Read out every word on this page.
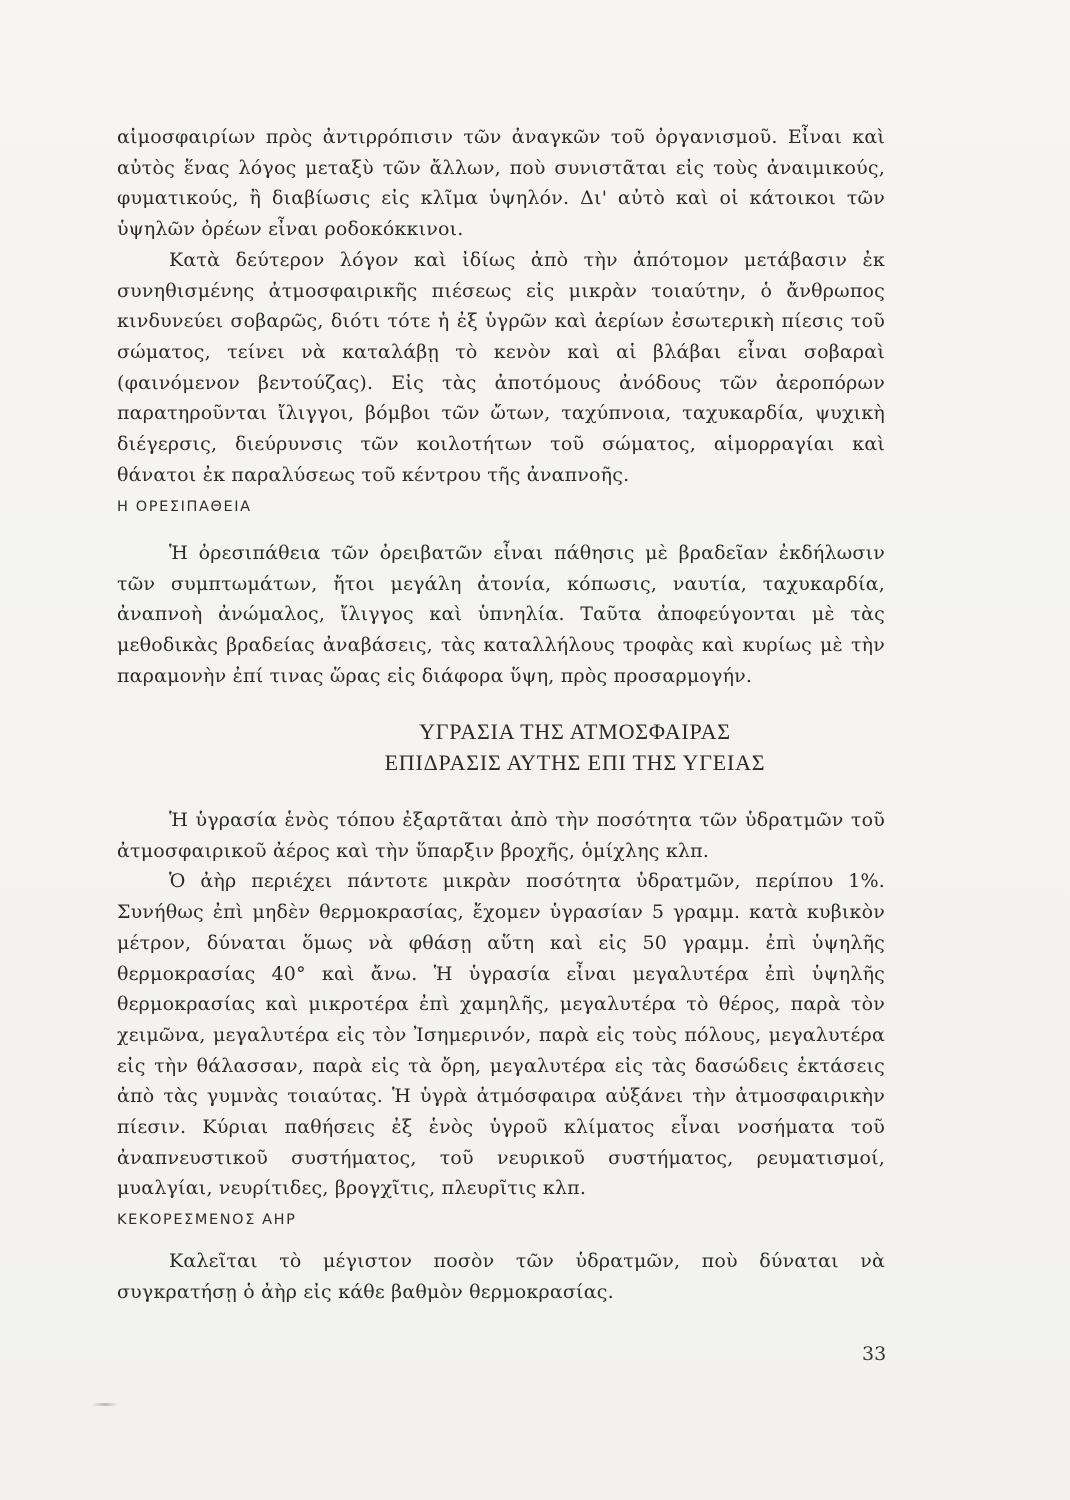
αἱμοσφαιρίων πρὸς ἀντιρρόπισιν τῶν ἀναγκῶν τοῦ ὀργανισμοῦ. Εἶναι καὶ αὐτὸς ἕνας λόγος μεταξὺ τῶν ἄλλων, ποὺ συνιστᾶται εἰς τοὺς ἀναιμικούς, φυματικούς, ἢ διαβίωσις εἰς κλῖμα ὑψηλόν. Δι' αὐτὸ καὶ οἱ κάτοικοι τῶν ὑψηλῶν ὀρέων εἶναι ροδοκόκκινοι.

Κατὰ δεύτερον λόγον καὶ ἰδίως ἀπὸ τὴν ἀπότομον μετάβασιν ἐκ συνηθισμένης ἀτμοσφαιρικῆς πιέσεως εἰς μικρὰν τοιαύτην, ὁ ἄνθρωπος κινδυνεύει σοβαρῶς, διότι τότε ἡ ἐξ ὑγρῶν καὶ ἀερίων ἐσωτερικὴ πίεσις τοῦ σώματος, τείνει νὰ καταλάβῃ τὸ κενὸν καὶ αἱ βλάβαι εἶναι σοβαραὶ (φαινόμενον βεντούζας). Εἰς τὰς ἀποτόμους ἀνόδους τῶν ἀεροπόρων παρατηροῦνται ἴλιγγοι, βόμβοι τῶν ὤτων, ταχύπνοια, ταχυκαρδία, ψυχικὴ διέγερσις, διεύρυνσις τῶν κοιλοτήτων τοῦ σώματος, αἱμορραγίαι καὶ θάνατοι ἐκ παραλύσεως τοῦ κέντρου τῆς ἀναπνοῆς.

Η ΟΡΕΣΙΠΑΘΕΙΑ
Ἡ ὀρεσιπάθεια τῶν ὀρειβατῶν εἶναι πάθησις μὲ βραδεῖαν ἐκδήλωσιν τῶν συμπτωμάτων, ἤτοι μεγάλη ἀτονία, κόπωσις, ναυτία, ταχυκαρδία, ἀναπνοὴ ἀνώμαλος, ἴλιγγος καὶ ὑπνηλία. Ταῦτα ἀποφεύγονται μὲ τὰς μεθοδικὰς βραδείας ἀναβάσεις, τὰς καταλλήλους τροφὰς καὶ κυρίως μὲ τὴν παραμονὴν ἐπί τινας ὥρας εἰς διάφορα ὕψη, πρὸς προσαρμογήν.
ΥΓΡΑΣΙΑ ΤΗΣ ΑΤΜΟΣΦΑΙΡΑΣ
ΕΠΙΔΡΑΣΙΣ ΑΥΤΗΣ ΕΠΙ ΤΗΣ ΥΓΕΙΑΣ

Ἡ ὑγρασία ἑνὸς τόπου ἐξαρτᾶται ἀπὸ τὴν ποσότητα τῶν ὑδρατμῶν τοῦ ἀτμοσφαιρικοῦ ἀέρος καὶ τὴν ὕπαρξιν βροχῆς, ὁμίχλης κλπ.

Ὁ ἀὴρ περιέχει πάντοτε μικρὰν ποσότητα ὑδρατμῶν, περίπου 1%. Συνήθως ἐπὶ μηδὲν θερμοκρασίας, ἔχομεν ὑγρασίαν 5 γραμμ. κατὰ κυβικὸν μέτρον, δύναται ὅμως νὰ φθάσῃ αὕτη καὶ εἰς 50 γραμμ. ἐπὶ ὑψηλῆς θερμοκρασίας 40° καὶ ἄνω. Ἡ ὑγρασία εἶναι μεγαλυτέρα ἐπὶ ὑψηλῆς θερμοκρασίας καὶ μικροτέρα ἐπὶ χαμηλῆς, μεγαλυτέρα τὸ θέρος, παρὰ τὸν χειμῶνα, μεγαλυτέρα εἰς τὸν Ἰσημερινόν, παρὰ εἰς τοὺς πόλους, μεγαλυτέρα εἰς τὴν θάλασσαν, παρὰ εἰς τὰ ὄρη, μεγαλυτέρα εἰς τὰς δασώδεις ἐκτάσεις ἀπὸ τὰς γυμνὰς τοιαύτας. Ἡ ὑγρὰ ἀτμόσφαιρα αὐξάνει τὴν ἀτμοσφαιρικὴν πίεσιν. Κύριαι παθήσεις ἐξ ἑνὸς ὑγροῦ κλίματος εἶναι νοσήματα τοῦ ἀναπνευστικοῦ συστήματος, τοῦ νευρικοῦ συστήματος, ρευματισμοί, μυαλγίαι, νευρίτιδες, βρογχῖτις, πλευρῖτις κλπ.

ΚΕΚΟΡΕΣΜΕΝΟΣ ΑΗΡ
Καλεῖται τὸ μέγιστον ποσὸν τῶν ὑδρατμῶν, ποὺ δύναται νὰ συγκρατήσῃ ὁ ἀὴρ εἰς κάθε βαθμὸν θερμοκρασίας.
33
